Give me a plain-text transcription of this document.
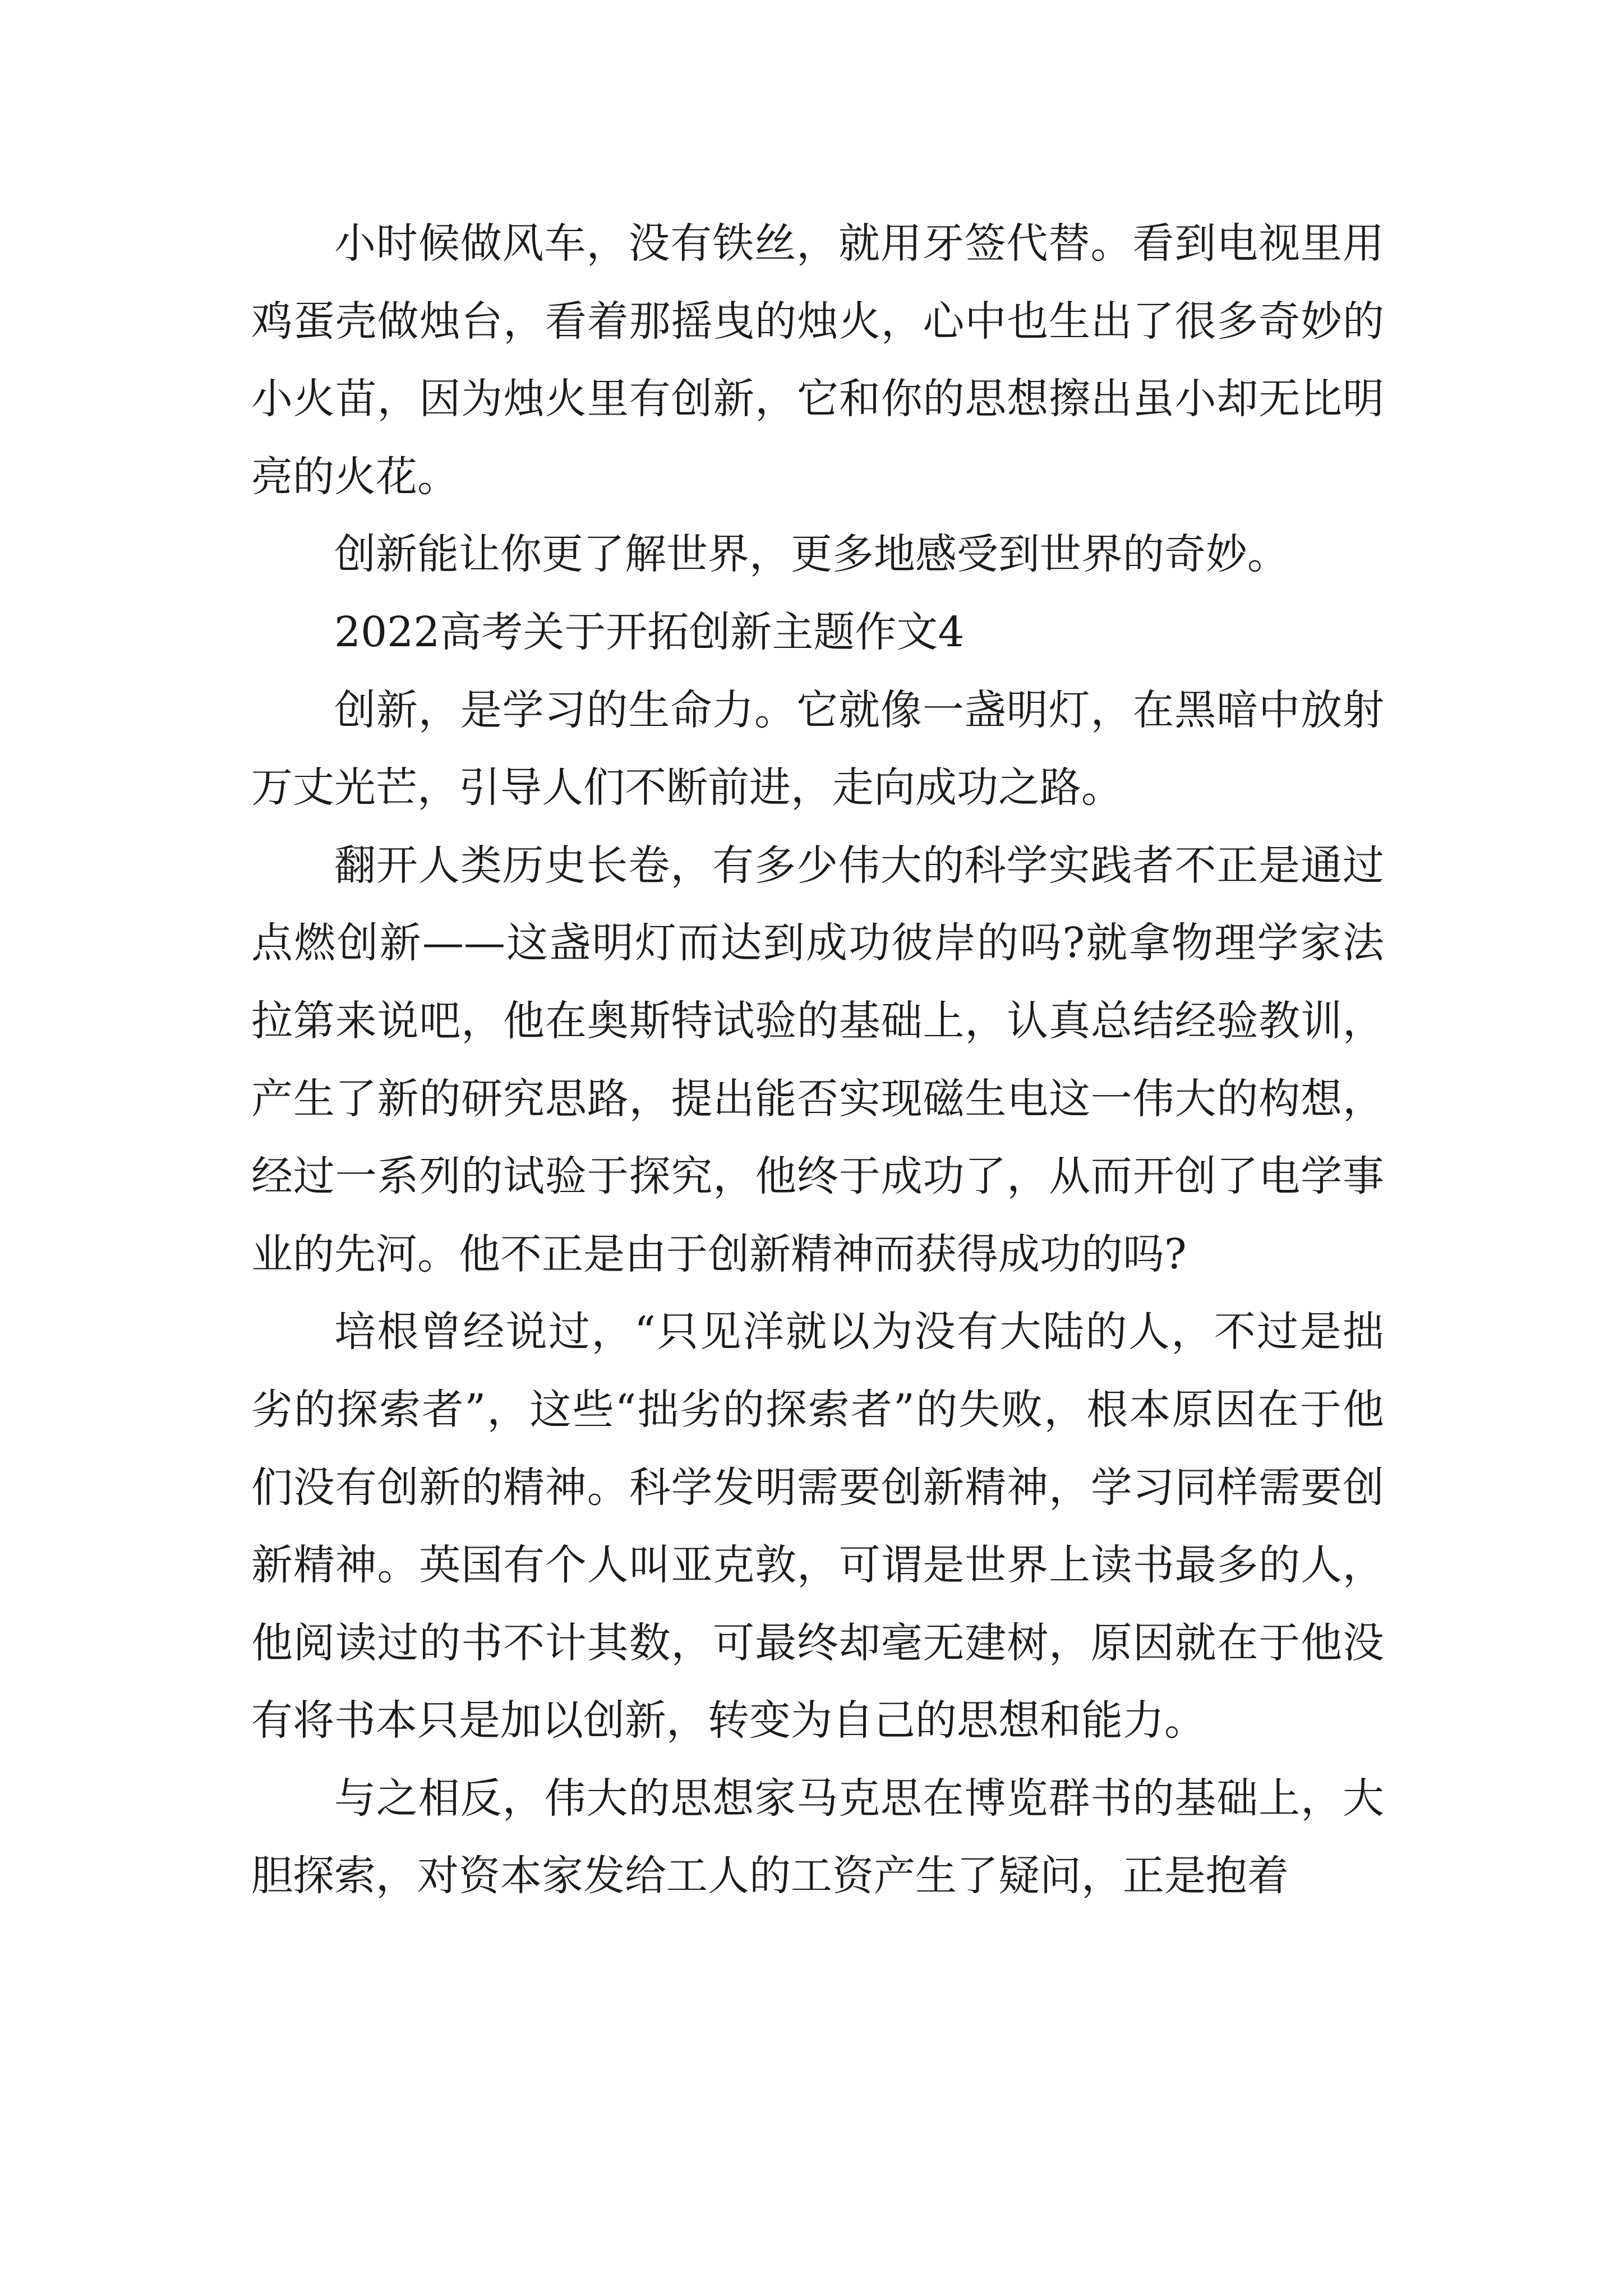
小时候做风车，没有铁丝，就用牙签代替。看到电视里用鸡蛋壳做烛台，看着那摇曳的烛火，心中也生出了很多奇妙的小火苗，因为烛火里有创新，它和你的思想擦出虽小却无比明亮的火花。

创新能让你更了解世界，更多地感受到世界的奇妙。

2022高考关于开拓创新主题作文4

创新，是学习的生命力。它就像一盏明灯，在黑暗中放射万丈光芒，引导人们不断前进，走向成功之路。

翻开人类历史长卷，有多少伟大的科学实践者不正是通过点燃创新——这盏明灯而达到成功彼岸的吗?就拿物理学家法拉第来说吧，他在奥斯特试验的基础上，认真总结经验教训，产生了新的研究思路，提出能否实现磁生电这一伟大的构想，经过一系列的试验于探究，他终于成功了，从而开创了电学事业的先河。他不正是由于创新精神而获得成功的吗?

培根曾经说过，“只见洋就以为没有大陆的人，不过是拙劣的探索者”，这些“拙劣的探索者”的失败，根本原因在于他们没有创新的精神。科学发明需要创新精神，学习同样需要创新精神。英国有个人叫亚克敦，可谓是世界上读书最多的人，他阅读过的书不计其数，可最终却毫无建树，原因就在于他没有将书本只是加以创新，转变为自己的思想和能力。

与之相反，伟大的思想家马克思在博览群书的基础上，大胆探索，对资本家发给工人的工资产生了疑问，正是抱着
